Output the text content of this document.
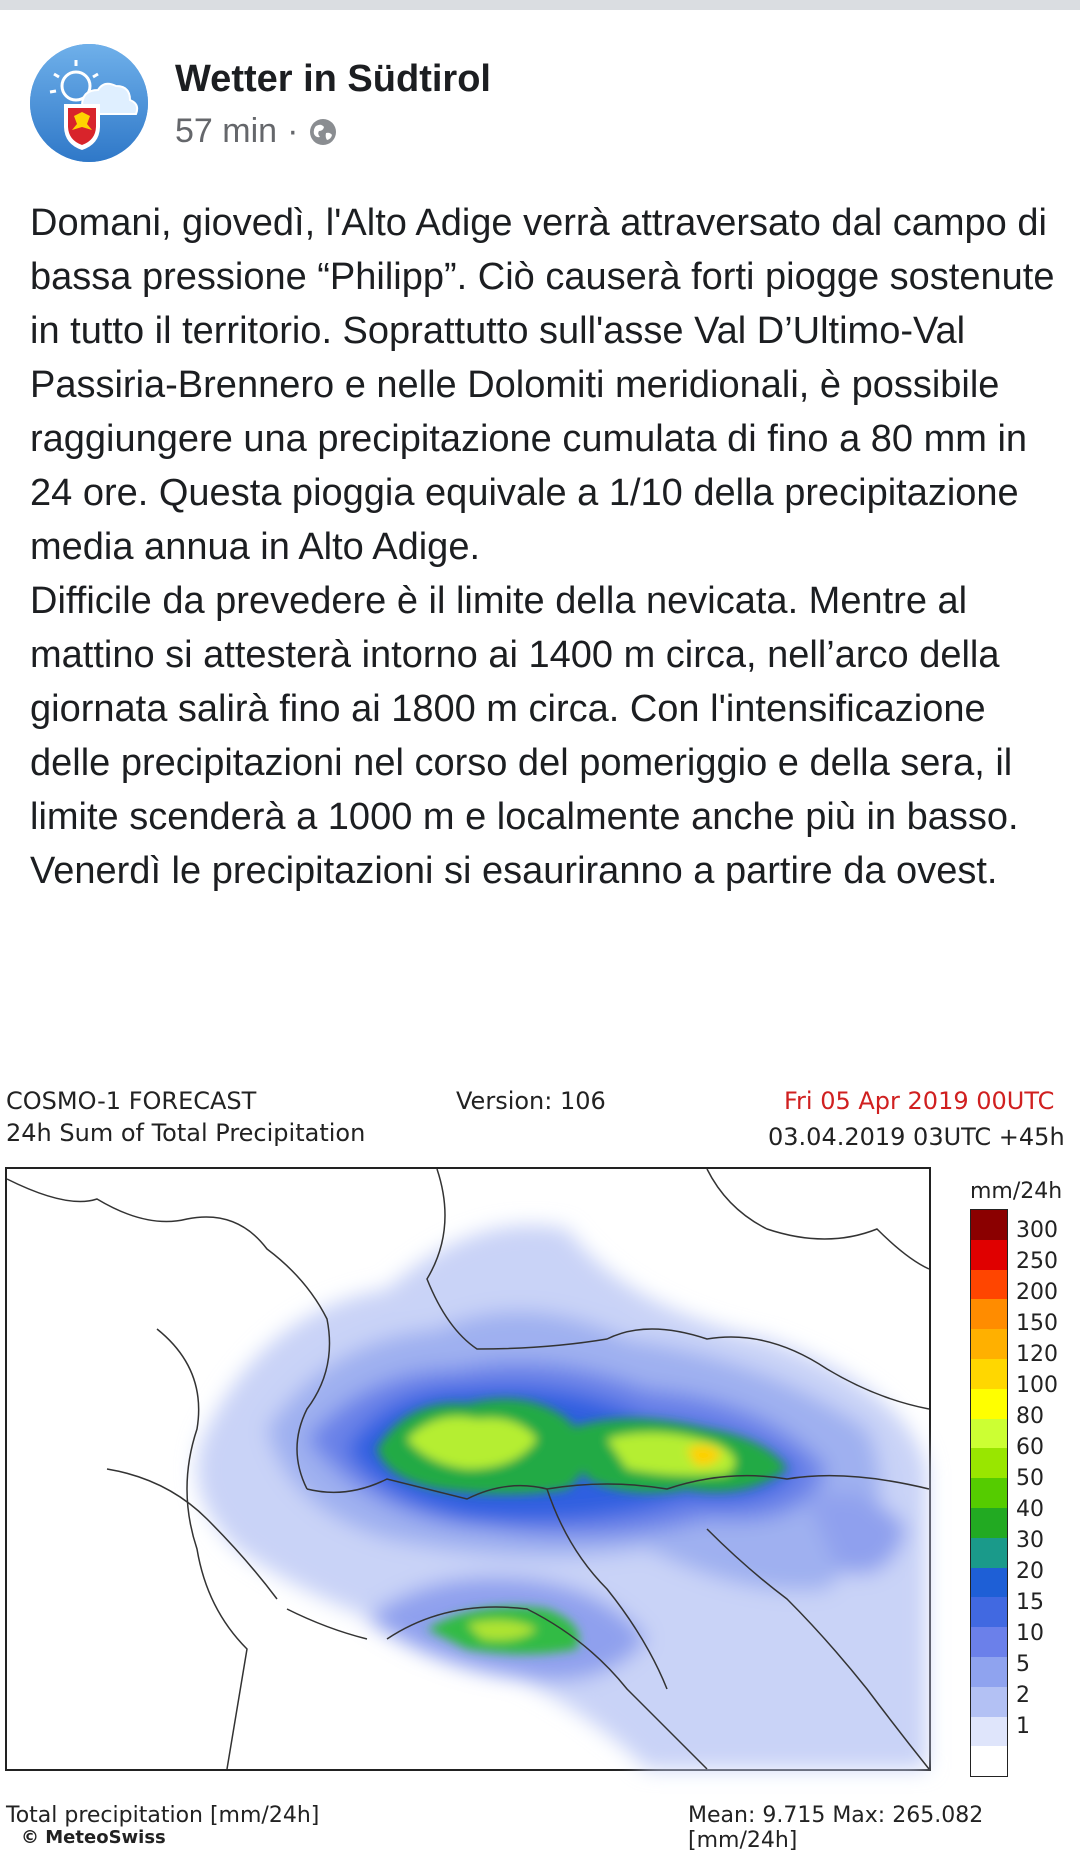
Wetter in Südtirol
57 min ·

Domani, giovedì, l'Alto Adige verrà attraversato dal campo di bassa pressione “Philipp”. Ciò causerà forti piogge sostenute in tutto il territorio. Soprattutto sull'asse Val D’Ultimo-Val Passiria-Brennero e nelle Dolomiti meridionali, è possibile raggiungere una precipitazione cumulata di fino a 80 mm in 24 ore. Questa pioggia equivale a 1/10 della precipitazione media annua in Alto Adige.

Difficile da prevedere è il limite della nevicata. Mentre al mattino si attesterà intorno ai 1400 m circa, nell’arco della giornata salirà fino ai 1800 m circa. Con l'intensificazione delle precipitazioni nel corso del pomeriggio e della sera, il limite scenderà a 1000 m e localmente anche più in basso.

Venerdì le precipitazioni si esauriranno a partire da ovest.

COSMO-1 FORECAST
24h Sum of Total Precipitation
Version: 106	Fri 05 Apr 2019 00UTC
03.04.2019 03UTC +45h
© MeteoSwiss
mm/24h
300
250
200
150
120
100
80
60
50
40
30
20
15
10
5
2
1
Total precipitation [mm/24h]	Mean: 9.715 Max: 265.082 [mm/24h]
